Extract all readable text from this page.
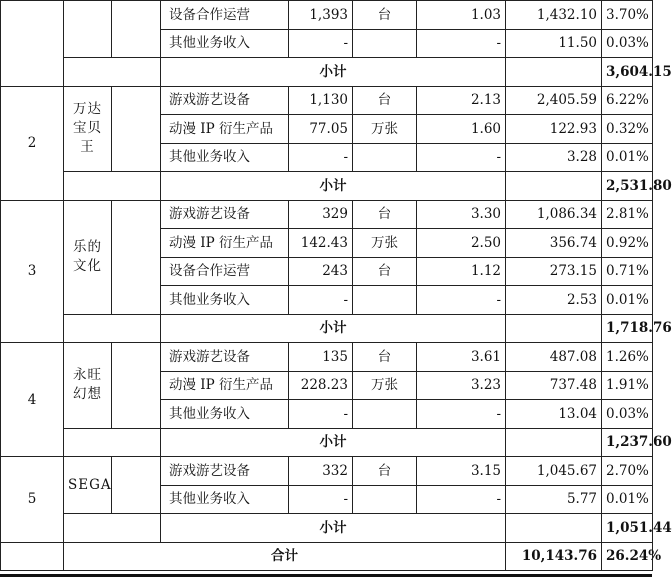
			设备合作运营	1,393	台	1.03	1,432.10	3.70%	
			其他业务收入	-		-	11.50	0.03%	
			小计					3,604.15	
2	万达宝贝王		游戏游艺设备	1,130	台	2.13	2,405.59	6.22%	
			动漫 IP 衍生产品	77.05	万张	1.60	122.93	0.32%	
			其他业务收入	-		-	3.28	0.01%	
			小计					2,531.80	
3	乐的文化		游戏游艺设备	329	台	3.30	1,086.34	2.81%	
			动漫 IP 衍生产品	142.43	万张	2.50	356.74	0.92%	
			设备合作运营	243	台	1.12	273.15	0.71%	
			其他业务收入	-		-	2.53	0.01%	
			小计					1,718.76	
4	永旺幻想		游戏游艺设备	135	台	3.61	487.08	1.26%	
			动漫 IP 衍生产品	228.23	万张	3.23	737.48	1.91%	
			其他业务收入	-		-	13.04	0.03%	
			小计					1,237.60	
5	SEGA		游戏游艺设备	332	台	3.15	1,045.67	2.70%	
			其他业务收入	-		-	5.77	0.01%	
			小计					1,051.44	
	合计						10,143.76	26.24%	
